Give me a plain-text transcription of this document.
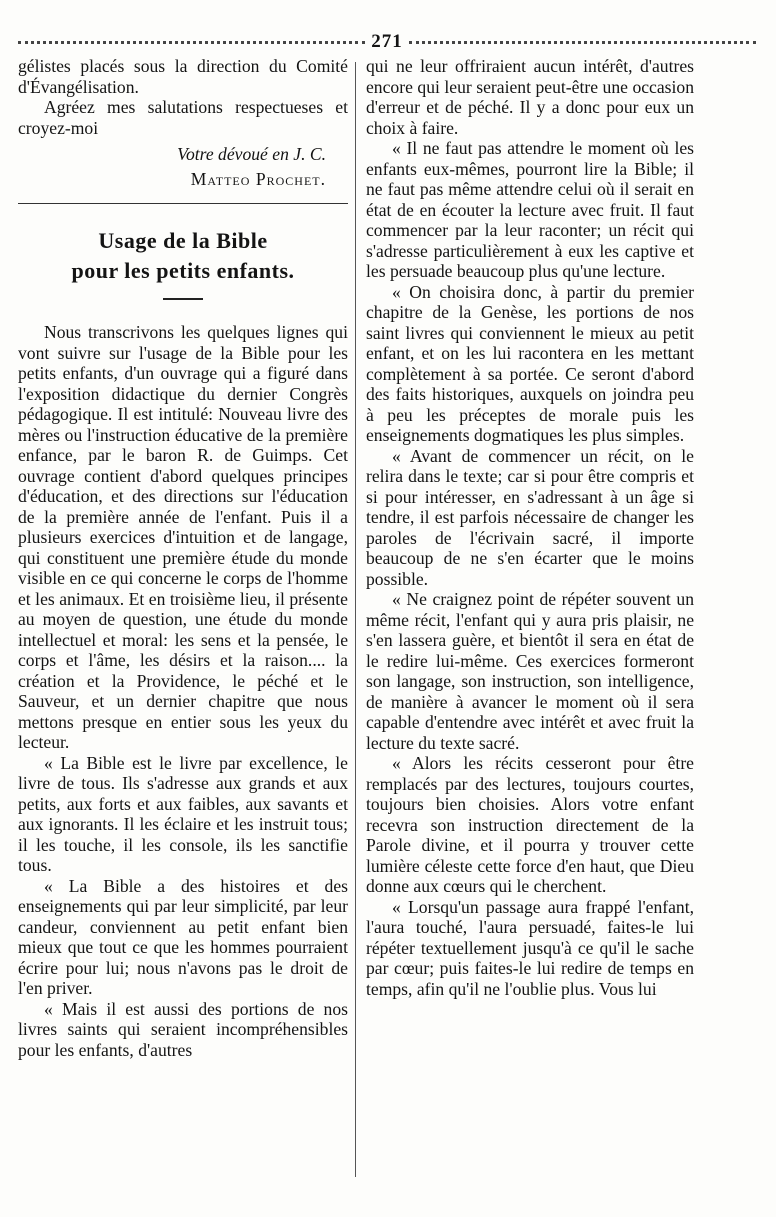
271

gélistes placés sous la direction du Comité d'Évangélisation.

Agréez mes salutations respectueses et croyez-moi

Votre dévoué en J. C.

Matteo Prochet.

Usage de la Bible
pour les petits enfants.

Nous transcrivons les quelques lignes qui vont suivre sur l'usage de la Bible pour les petits enfants, d'un ouvrage qui a figuré dans l'exposition didactique du dernier Congrès pédagogique. Il est intitulé: Nouveau livre des mères ou l'instruction éducative de la première enfance, par le baron R. de Guimps. Cet ouvrage contient d'abord quelques principes d'éducation, et des directions sur l'éducation de la première année de l'enfant. Puis il a plusieurs exercices d'intuition et de langage, qui constituent une première étude du monde visible en ce qui concerne le corps de l'homme et les animaux. Et en troisième lieu, il présente au moyen de question, une étude du monde intellectuel et moral: les sens et la pensée, le corps et l'âme, les désirs et la raison.... la création et la Providence, le péché et le Sauveur, et un dernier chapitre que nous mettons presque en entier sous les yeux du lecteur.

« La Bible est le livre par excellence, le livre de tous. Ils s'adresse aux grands et aux petits, aux forts et aux faibles, aux savants et aux ignorants. Il les éclaire et les instruit tous; il les touche, il les console, ils les sanctifie tous.

« La Bible a des histoires et des enseignements qui par leur simplicité, par leur candeur, conviennent au petit enfant bien mieux que tout ce que les hommes pourraient écrire pour lui; nous n'avons pas le droit de l'en priver.

« Mais il est aussi des portions de nos livres saints qui seraient incompréhensibles pour les enfants, d'autres

qui ne leur offriraient aucun intérêt, d'autres encore qui leur seraient peut-être une occasion d'erreur et de péché. Il y a donc pour eux un choix à faire.

« Il ne faut pas attendre le moment où les enfants eux-mêmes, pourront lire la Bible; il ne faut pas même attendre celui où il serait en état de en écouter la lecture avec fruit. Il faut commencer par la leur raconter; un récit qui s'adresse particulièrement à eux les captive et les persuade beaucoup plus qu'une lecture.

« On choisira donc, à partir du premier chapitre de la Genèse, les portions de nos saint livres qui conviennent le mieux au petit enfant, et on les lui racontera en les mettant complètement à sa portée. Ce seront d'abord des faits historiques, auxquels on joindra peu à peu les préceptes de morale puis les enseignements dogmatiques les plus simples.

« Avant de commencer un récit, on le relira dans le texte; car si pour être compris et si pour intéresser, en s'adressant à un âge si tendre, il est parfois nécessaire de changer les paroles de l'écrivain sacré, il importe beaucoup de ne s'en écarter que le moins possible.

« Ne craignez point de répéter souvent un même récit, l'enfant qui y aura pris plaisir, ne s'en lassera guère, et bientôt il sera en état de le redire lui-même. Ces exercices formeront son langage, son instruction, son intelligence, de manière à avancer le moment où il sera capable d'entendre avec intérêt et avec fruit la lecture du texte sacré.

« Alors les récits cesseront pour être remplacés par des lectures, toujours courtes, toujours bien choisies. Alors votre enfant recevra son instruction directement de la Parole divine, et il pourra y trouver cette lumière céleste cette force d'en haut, que Dieu donne aux cœurs qui le cherchent.

« Lorsqu'un passage aura frappé l'enfant, l'aura touché, l'aura persuadé, faites-le lui répéter textuellement jusqu'à ce qu'il le sache par cœur; puis faites-le lui redire de temps en temps, afin qu'il ne l'oublie plus. Vous lui
